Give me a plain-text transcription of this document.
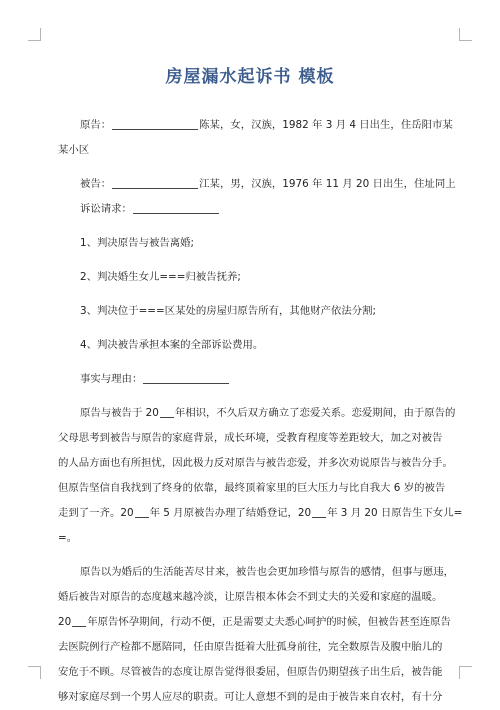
房屋漏水起诉书 模板
原告：	陈某，女，汉族，1982 年 3 月 4 日出生，住岳阳市某
某小区
被告：	江某，男，汉族，1976 年 11 月 20 日出生，住址同上
诉讼请求：
1、判决原告与被告离婚;
2、判决婚生女儿===归被告抚养;
3、判决位于===区某处的房屋归原告所有，其他财产依法分割;
4、判决被告承担本案的全部诉讼费用。
事实与理由：
原告与被告于 20 年相识，不久后双方确立了恋爱关系。恋爱期间，由于原告的
父母思考到被告与原告的家庭背景，成长环境，受教育程度等差距较大，加之对被告
的人品方面也有所担忧，因此极力反对原告与被告恋爱，并多次劝说原告与被告分手。
但原告坚信自我找到了终身的依靠，最终顶着家里的巨大压力与比自我大 6 岁的被告
走到了一齐。20 年 5 月原被告办理了结婚登记，20 年 3 月 20 日原告生下女儿=
=。
原告以为婚后的生活能苦尽甘来，被告也会更加珍惜与原告的感情，但事与愿违，
婚后被告对原告的态度越来越冷淡，让原告根本体会不到丈夫的关爱和家庭的温暖。
20 年原告怀孕期间，行动不便，正是需要丈夫悉心呵护的时候，但被告甚至连原告
去医院例行产检都不愿陪同，任由原告挺着大肚孤身前往，完全数原告及腹中胎儿的
安危于不顾。尽管被告的态度让原告觉得很委屈，但原告仍期望孩子出生后，被告能
够对家庭尽到一个男人应尽的职责。可让人意想不到的是由于被告来自农村，有十分
